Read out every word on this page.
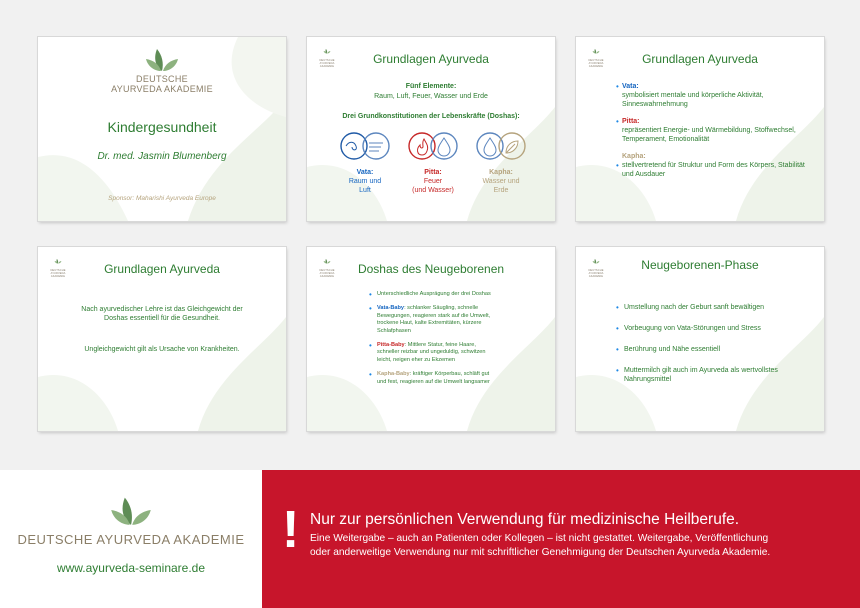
DEUTSCHE
AYURVEDA AKADEMIE
Kindergesundheit
Dr. med. Jasmin Blumenberg
Sponsor: Maharishi Ayurveda Europe
DEUTSCHE
AYURVEDA AKADEMIE
Grundlagen Ayurveda
Fünf Elemente:
Raum, Luft, Feuer, Wasser und Erde
Drei Grundkonstitutionen der Lebenskräfte (Doshas):
Vata:
Raum und
Luft
Pitta:
Feuer
(und Wasser)
Kapha:
Wasser und
Erde
DEUTSCHE
AYURVEDA AKADEMIE
Grundlagen Ayurveda
Vata:
symbolisiert mentale und körperliche Aktivität, Sinneswahrnehmung
Pitta:
repräsentiert Energie- und Wärmebildung, Stoffwechsel, Temperament, Emotionalität
Kapha:
stellvertretend für Struktur und Form des Körpers, Stabilität und Ausdauer
•
•
•
DEUTSCHE
AYURVEDA AKADEMIE
Grundlagen Ayurveda
Nach ayurvedischer Lehre ist das Gleichgewicht der Doshas essentiell für die Gesundheit.
Ungleichgewicht gilt als Ursache von Krankheiten.
DEUTSCHE
AYURVEDA AKADEMIE
Doshas des Neugeborenen
• Unterschiedliche Ausprägung der drei Doshas
• Vata-Baby: schlanker Säugling, schnelle Bewegungen, reagieren stark auf die Umwelt, trockene Haut, kalte Extremitäten, kürzere Schlafphasen
• Pitta-Baby: Mittlere Statur, feine Haare, schneller reizbar und ungeduldig, schwitzen leicht, neigen eher zu Ekzemen
• Kapha-Baby: kräftiger Körperbau, schläft gut und fest, reagieren auf die Umwelt langsamer
DEUTSCHE
AYURVEDA AKADEMIE
Neugeborenen-Phase
• Umstellung nach der Geburt sanft bewältigen
• Vorbeugung von Vata-Störungen und Stress
• Berührung und Nähe essentiell
• Muttermilch gilt auch im Ayurveda als wertvollstes Nahrungsmittel
DEUTSCHE AYURVEDA AKADEMIE
www.ayurveda-seminare.de
! Nur zur persönlichen Verwendung für medizinische Heilberufe.
Eine Weitergabe – auch an Patienten oder Kollegen – ist nicht gestattet. Weitergabe, Veröffentlichung
oder anderweitige Verwendung nur mit schriftlicher Genehmigung der Deutschen Ayurveda Akademie.
